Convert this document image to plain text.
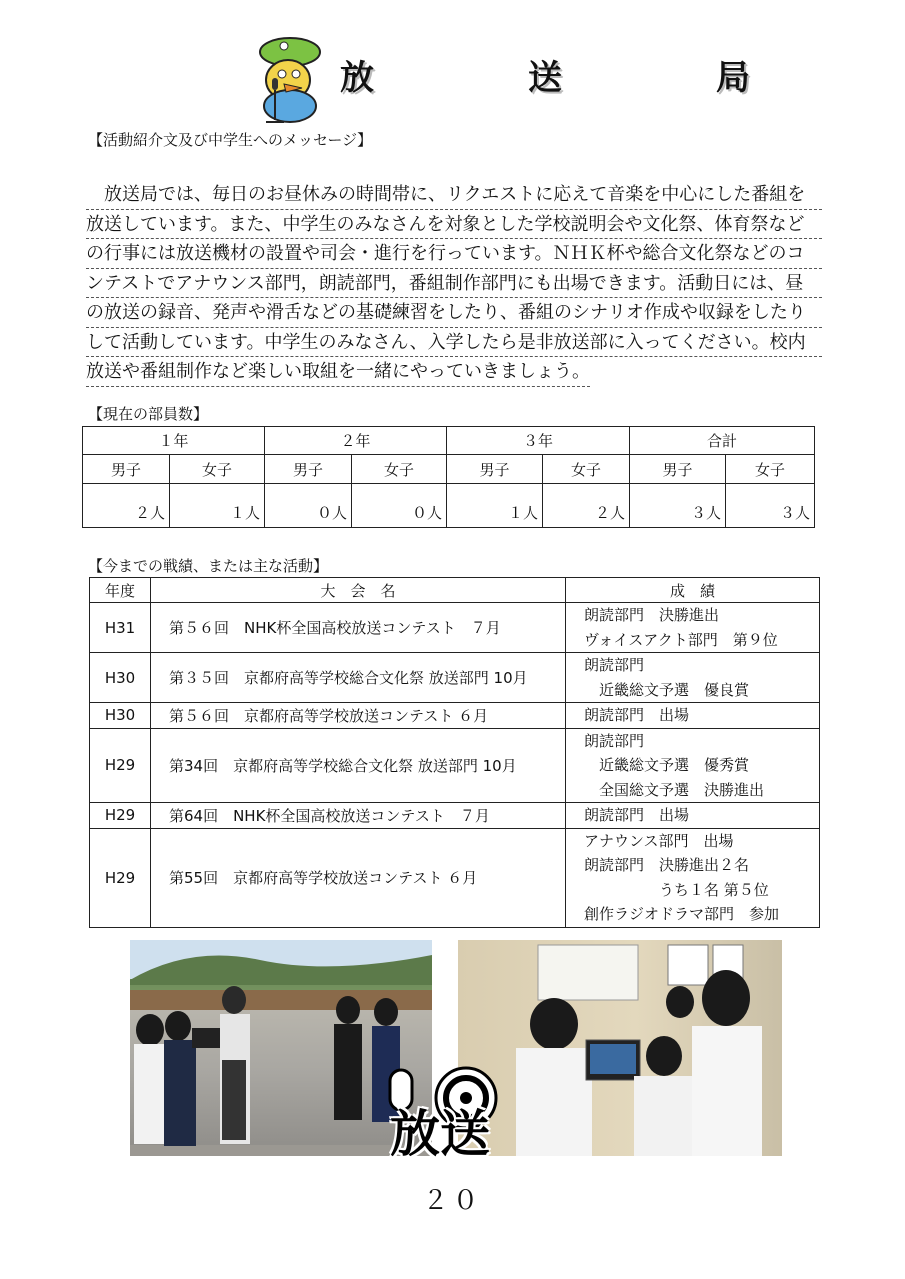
放　送　局
【活動紹介文及び中学生へのメッセージ】
　放送局では、毎日のお昼休みの時間帯に、リクエストに応えて音楽を中心にした番組を
放送しています。また、中学生のみなさんを対象とした学校説明会や文化祭、体育祭など
の行事には放送機材の設置や司会・進行を行っています。ＮＨＫ杯や総合文化祭などのコ
ンテストでアナウンス部門，朗読部門，番組制作部門にも出場できます。活動日には、昼
の放送の録音、発声や滑舌などの基礎練習をしたり、番組のシナリオ作成や収録をしたり
して活動しています。中学生のみなさん、入学したら是非放送部に入ってください。校内
放送や番組制作など楽しい取組を一緒にやっていきましょう。
【現在の部員数】
１年		２年		３年		合計	
男子	女子	男子	女子	男子	女子	男子	女子
２人	１人	０人	０人	１人	２人	３人	３人
【今までの戦績、または主な活動】
年度	大　会　名	成　績
H31	第５６回　NHK杯全国高校放送コンテスト　７月	朗読部門　決勝進出
ヴォイスアクト部門　第９位
H30	第３５回　京都府高等学校総合文化祭 放送部門 10月	朗読部門
　近畿総文予選　優良賞
H30	第５６回　京都府高等学校放送コンテスト ６月	朗読部門　出場
H29	第34回　京都府高等学校総合文化祭 放送部門 10月	朗読部門
　近畿総文予選　優秀賞
　全国総文予選　決勝進出
H29	第64回　NHK杯全国高校放送コンテスト　７月	朗読部門　出場
H29	第55回　京都府高等学校放送コンテスト ６月	アナウンス部門　出場
朗読部門　決勝進出２名
　　　　　うち１名 第５位
創作ラジオドラマ部門　参加
放送
２０
